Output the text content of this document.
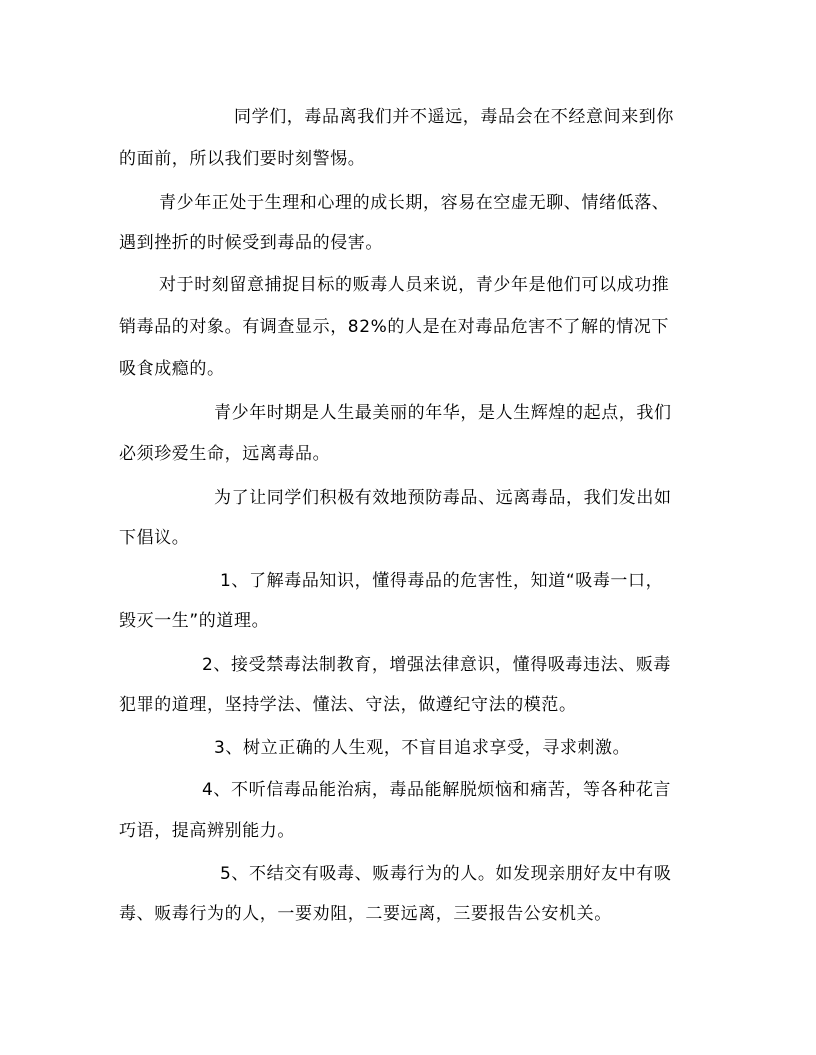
同学们，毒品离我们并不遥远，毒品会在不经意间来到你
的面前，所以我们要时刻警惕。
青少年正处于生理和心理的成长期，容易在空虚无聊、情绪低落、
遇到挫折的时候受到毒品的侵害。
对于时刻留意捕捉目标的贩毒人员来说，青少年是他们可以成功推
销毒品的对象。有调查显示，82%的人是在对毒品危害不了解的情况下
吸食成瘾的。
青少年时期是人生最美丽的年华，是人生辉煌的起点，我们
必须珍爱生命，远离毒品。
为了让同学们积极有效地预防毒品、远离毒品，我们发出如
下倡议。
1、了解毒品知识，懂得毒品的危害性，知道“吸毒一口，
毁灭一生”的道理。
2、接受禁毒法制教育，增强法律意识，懂得吸毒违法、贩毒
犯罪的道理，坚持学法、懂法、守法，做遵纪守法的模范。
3、树立正确的人生观，不盲目追求享受，寻求刺激。
4、不听信毒品能治病，毒品能解脱烦恼和痛苦，等各种花言
巧语，提高辨别能力。
5、不结交有吸毒、贩毒行为的人。如发现亲朋好友中有吸
毒、贩毒行为的人，一要劝阻，二要远离，三要报告公安机关。
